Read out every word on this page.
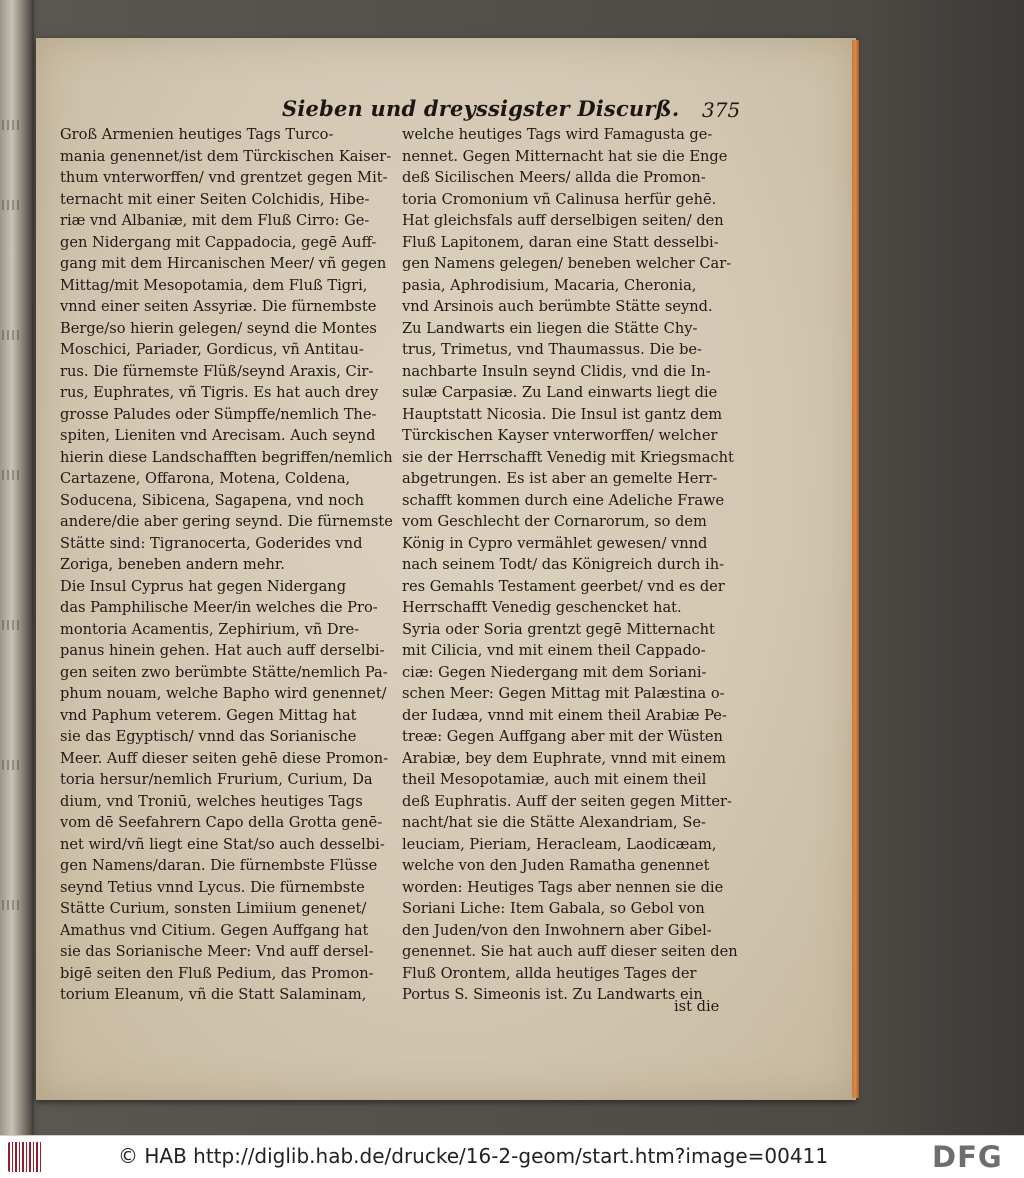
Sieben und dreyssigster Discurß. 375
Groß Armenien heutiges Tags Turco-
mania genennet/ist dem Türckischen Kaiser-
thum vnterworffen/ vnd grentzet gegen Mit-
ternacht mit einer Seiten Colchidis, Hibe-
riæ vnd Albaniæ, mit dem Fluß Cirro: Ge-
gen Nidergang mit Cappadocia, gegē Auff-
gang mit dem Hircanischen Meer/ vñ gegen
Mittag/mit Mesopotamia, dem Fluß Tigri,
vnnd einer seiten Assyriæ. Die fürnembste
Berge/so hierin gelegen/ seynd die Montes
Moschici, Pariader, Gordicus, vñ Antitau-
rus. Die fürnemste Flüß/seynd Araxis, Cir-
rus, Euphrates, vñ Tigris. Es hat auch drey
grosse Paludes oder Sümpffe/nemlich The-
spiten, Lieniten vnd Arecisam. Auch seynd
hierin diese Landschafften begriffen/nemlich
Cartazene, Offarona, Motena, Coldena,
Soducena, Sibicena, Sagapena, vnd noch
andere/die aber gering seynd. Die fürnemste
Stätte sind: Tigranocerta, Goderides vnd
Zoriga, beneben andern mehr.
Die Insul Cyprus hat gegen Nidergang
das Pamphilische Meer/in welches die Pro-
montoria Acamentis, Zephirium, vñ Dre-
panus hinein gehen. Hat auch auff derselbi-
gen seiten zwo berümbte Stätte/nemlich Pa-
phum nouam, welche Bapho wird genennet/
vnd Paphum veterem. Gegen Mittag hat
sie das Egyptisch/ vnnd das Sorianische
Meer. Auff dieser seiten gehē diese Promon-
toria hersur/nemlich Frurium, Curium, Da
dium, vnd Troniū, welches heutiges Tags
vom dē Seefahrern Capo della Grotta genē-
net wird/vñ liegt eine Stat/so auch desselbi-
gen Namens/daran. Die fürnembste Flüsse
seynd Tetius vnnd Lycus. Die fürnembste
Stätte Curium, sonsten Limiium genenet/
Amathus vnd Citium. Gegen Auffgang hat
sie das Sorianische Meer: Vnd auff dersel-
bigē seiten den Fluß Pedium, das Promon-
torium Eleanum, vñ die Statt Salaminam,
welche heutiges Tags wird Famagusta ge-
nennet. Gegen Mitternacht hat sie die Enge
deß Sicilischen Meers/ allda die Promon-
toria Cromonium vñ Calinusa herfür gehē.
Hat gleichsfals auff derselbigen seiten/ den
Fluß Lapitonem, daran eine Statt desselbi-
gen Namens gelegen/ beneben welcher Car-
pasia, Aphrodisium, Macaria, Cheronia,
vnd Arsinois auch berümbte Stätte seynd.
Zu Landwarts ein liegen die Stätte Chy-
trus, Trimetus, vnd Thaumassus. Die be-
nachbarte Insuln seynd Clidis, vnd die In-
sulæ Carpasiæ. Zu Land einwarts liegt die
Hauptstatt Nicosia. Die Insul ist gantz dem
Türckischen Kayser vnterworffen/ welcher
sie der Herrschafft Venedig mit Kriegsmacht
abgetrungen. Es ist aber an gemelte Herr-
schafft kommen durch eine Adeliche Frawe
vom Geschlecht der Cornarorum, so dem
König in Cypro vermählet gewesen/ vnnd
nach seinem Todt/ das Königreich durch ih-
res Gemahls Testament geerbet/ vnd es der
Herrschafft Venedig geschencket hat.
Syria oder Soria grentzt gegē Mitternacht
mit Cilicia, vnd mit einem theil Cappado-
ciæ: Gegen Niedergang mit dem Soriani-
schen Meer: Gegen Mittag mit Palæstina o-
der Iudæa, vnnd mit einem theil Arabiæ Pe-
treæ: Gegen Auffgang aber mit der Wüsten
Arabiæ, bey dem Euphrate, vnnd mit einem
theil Mesopotamiæ, auch mit einem theil
deß Euphratis. Auff der seiten gegen Mitter-
nacht/hat sie die Stätte Alexandriam, Se-
leuciam, Pieriam, Heracleam, Laodicæam,
welche von den Juden Ramatha genennet
worden: Heutiges Tags aber nennen sie die
Soriani Liche: Item Gabala, so Gebol von
den Juden/von den Inwohnern aber Gibel-
genennet. Sie hat auch auff dieser seiten den
Fluß Orontem, allda heutiges Tages der
Portus S. Simeonis ist. Zu Landwarts ein
ist die
© HAB http://diglib.hab.de/drucke/16-2-geom/start.htm?image=00411	DFG
